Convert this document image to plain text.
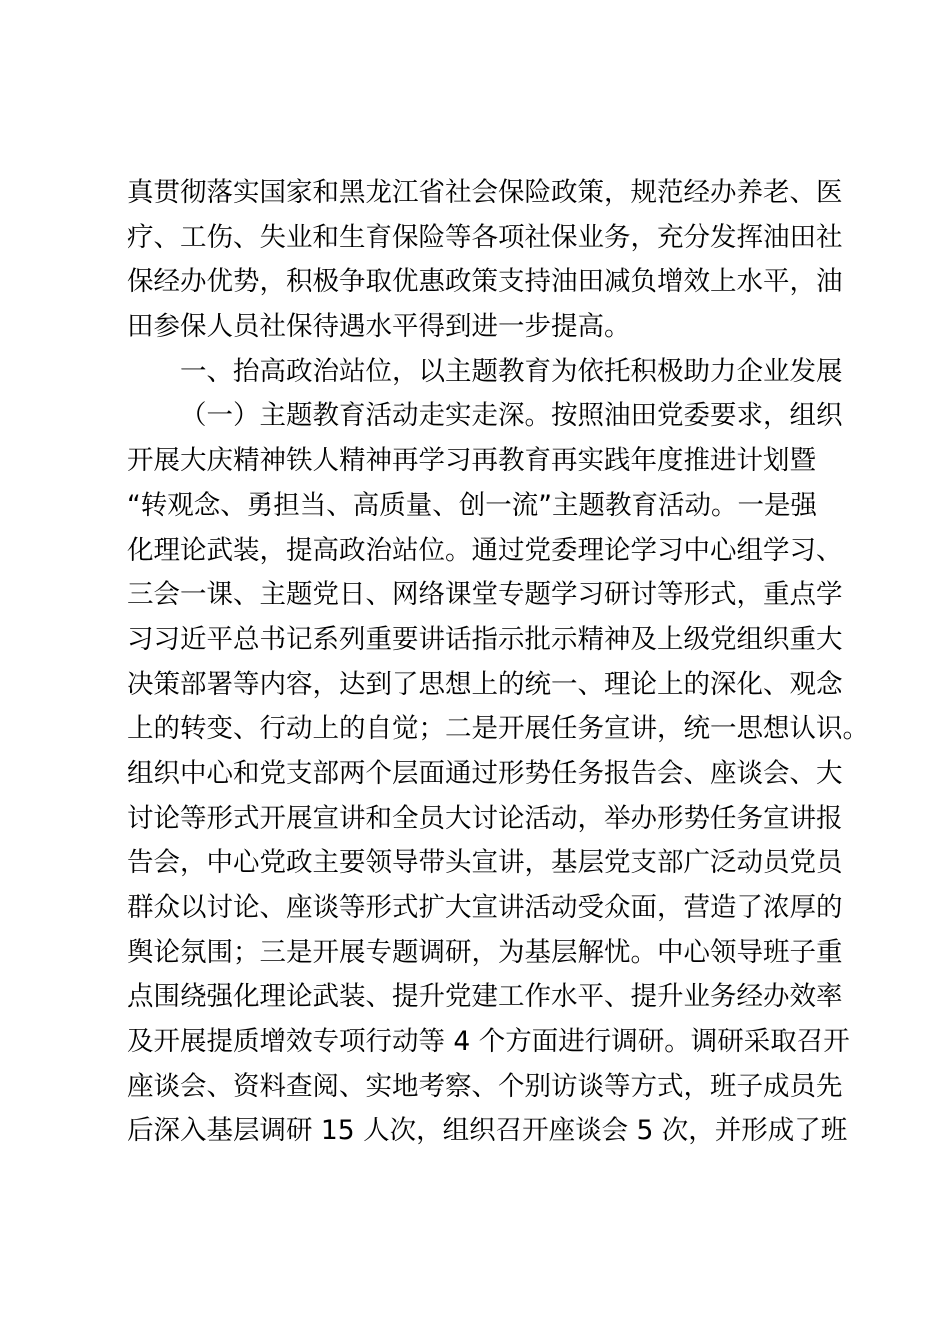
真贯彻落实国家和黑龙江省社会保险政策，规范经办养老、医
疗、工伤、失业和生育保险等各项社保业务，充分发挥油田社
保经办优势，积极争取优惠政策支持油田减负增效上水平，油
田参保人员社保待遇水平得到进一步提高。
一、抬高政治站位，以主题教育为依托积极助力企业发展
（一）主题教育活动走实走深。按照油田党委要求，组织
开展大庆精神铁人精神再学习再教育再实践年度推进计划暨
“转观念、勇担当、高质量、创一流”主题教育活动。一是强
化理论武装，提高政治站位。通过党委理论学习中心组学习、
三会一课、主题党日、网络课堂专题学习研讨等形式，重点学
习习近平总书记系列重要讲话指示批示精神及上级党组织重大
决策部署等内容，达到了思想上的统一、理论上的深化、观念
上的转变、行动上的自觉；二是开展任务宣讲，统一思想认识。
组织中心和党支部两个层面通过形势任务报告会、座谈会、大
讨论等形式开展宣讲和全员大讨论活动，举办形势任务宣讲报
告会，中心党政主要领导带头宣讲，基层党支部广泛动员党员
群众以讨论、座谈等形式扩大宣讲活动受众面，营造了浓厚的
舆论氛围；三是开展专题调研，为基层解忧。中心领导班子重
点围绕强化理论武装、提升党建工作水平、提升业务经办效率
及开展提质增效专项行动等 4 个方面进行调研。调研采取召开
座谈会、资料查阅、实地考察、个别访谈等方式，班子成员先
后深入基层调研 15 人次，组织召开座谈会 5 次，并形成了班
